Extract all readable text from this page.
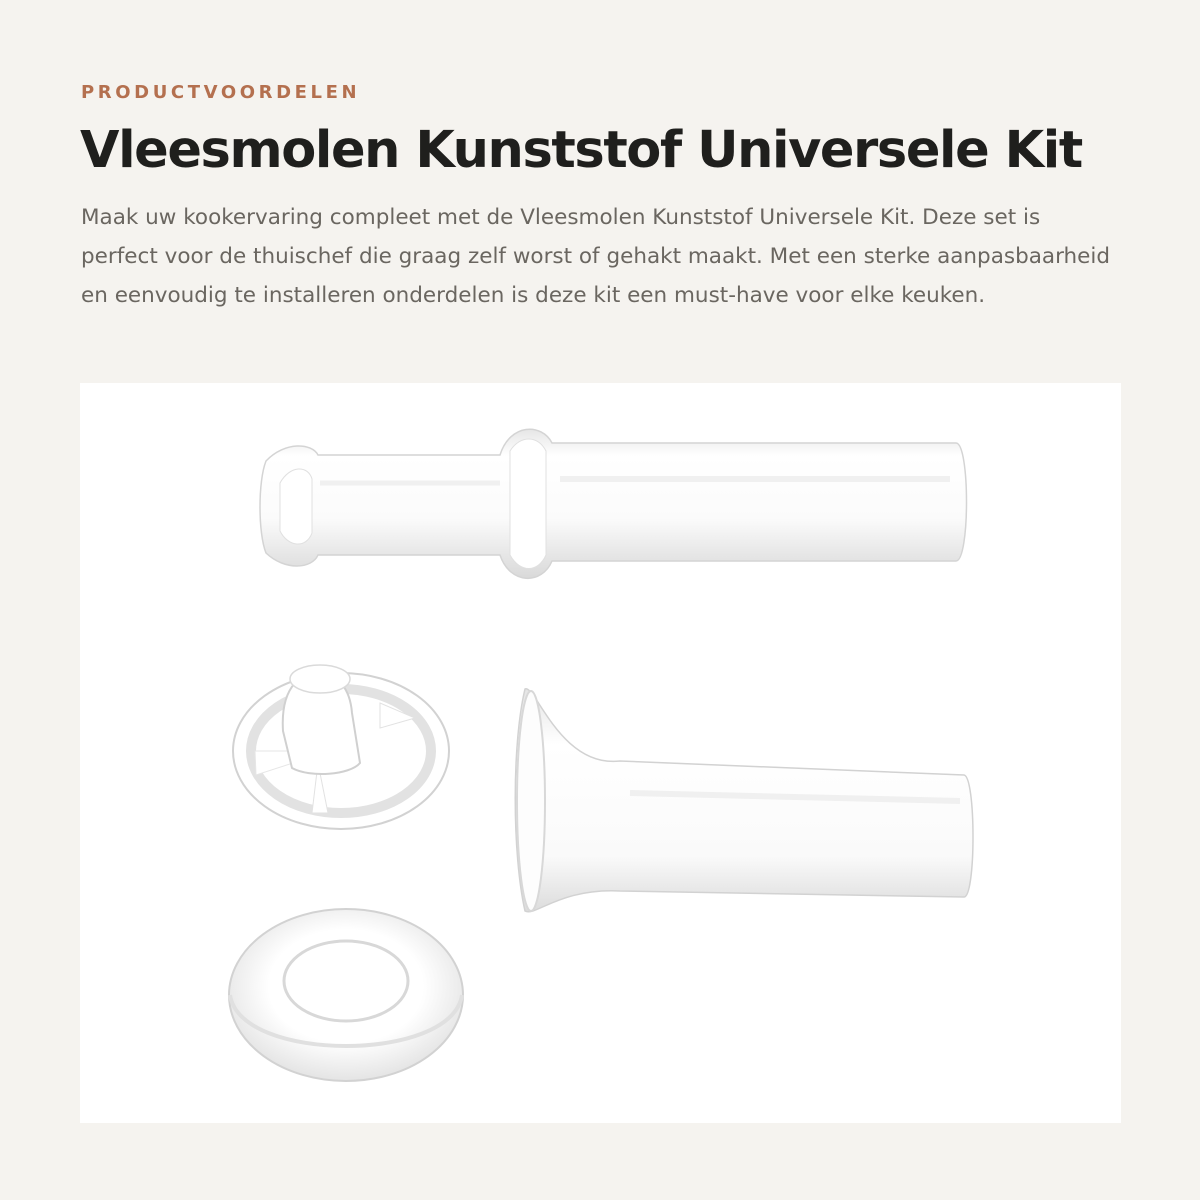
PRODUCTVOORDELEN
Vleesmolen Kunststof Universele Kit

Maak uw kookervaring compleet met de Vleesmolen Kunststof Universele Kit. Deze set is perfect voor de thuischef die graag zelf worst of gehakt maakt. Met een sterke aanpasbaarheid en eenvoudig te installeren onderdelen is deze kit een must-have voor elke keuken.
